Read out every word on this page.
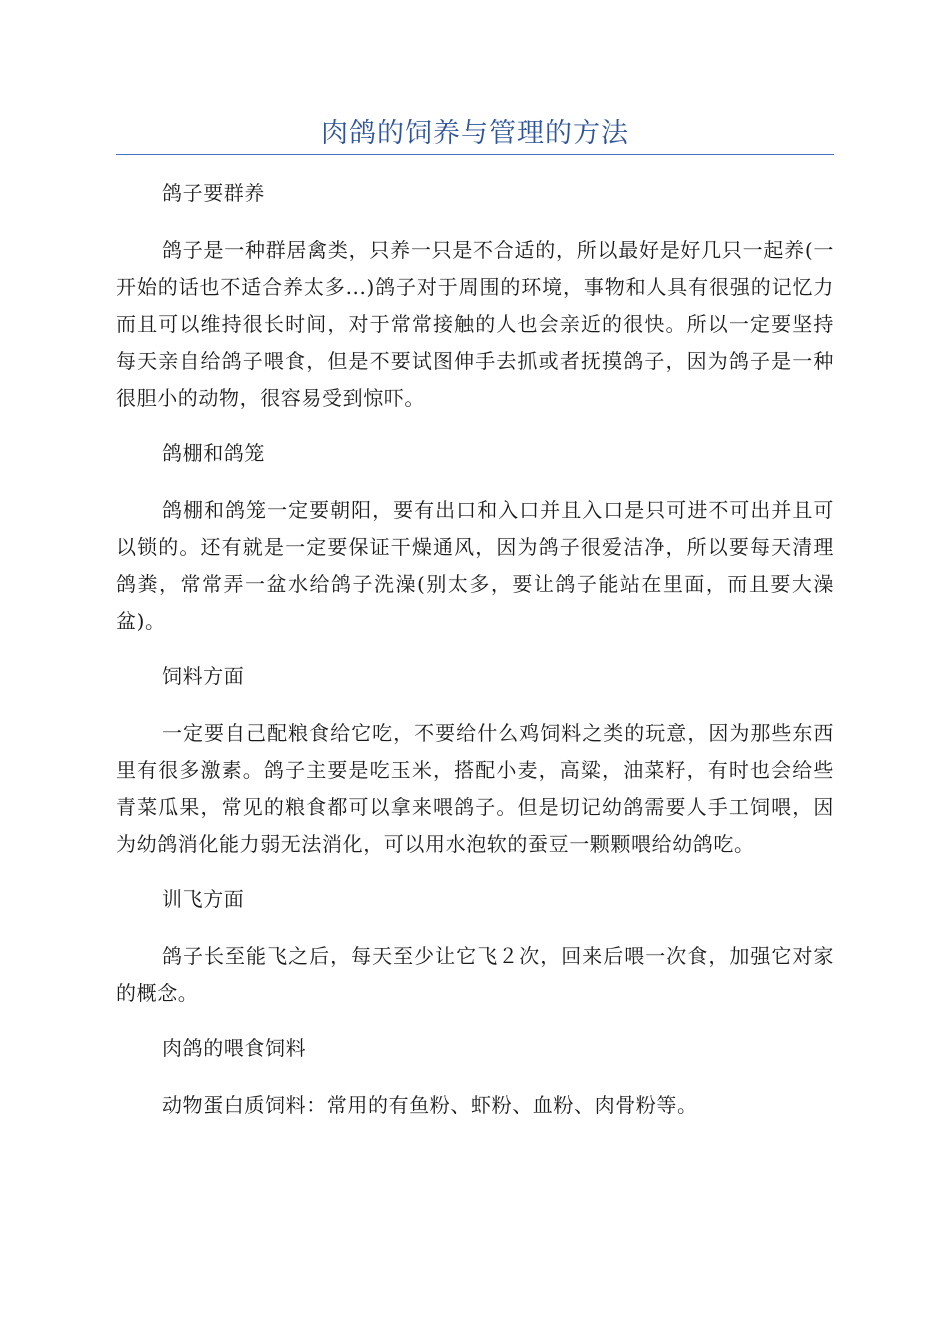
肉鸽的饲养与管理的方法

鸽子要群养

鸽子是一种群居禽类，只养一只是不合适的，所以最好是好几只一起养(一开始的话也不适合养太多...)鸽子对于周围的环境，事物和人具有很强的记忆力而且可以维持很长时间，对于常常接触的人也会亲近的很快。所以一定要坚持每天亲自给鸽子喂食，但是不要试图伸手去抓或者抚摸鸽子，因为鸽子是一种很胆小的动物，很容易受到惊吓。

鸽棚和鸽笼

鸽棚和鸽笼一定要朝阳，要有出口和入口并且入口是只可进不可出并且可以锁的。还有就是一定要保证干燥通风，因为鸽子很爱洁净，所以要每天清理鸽粪，常常弄一盆水给鸽子洗澡(别太多，要让鸽子能站在里面，而且要大澡盆)。

饲料方面

一定要自己配粮食给它吃，不要给什么鸡饲料之类的玩意，因为那些东西里有很多激素。鸽子主要是吃玉米，搭配小麦，高粱，油菜籽，有时也会给些青菜瓜果，常见的粮食都可以拿来喂鸽子。但是切记幼鸽需要人手工饲喂，因为幼鸽消化能力弱无法消化，可以用水泡软的蚕豆一颗颗喂给幼鸽吃。

训飞方面

鸽子长至能飞之后，每天至少让它飞２次，回来后喂一次食，加强它对家的概念。

肉鸽的喂食饲料

动物蛋白质饲料：常用的有鱼粉、虾粉、血粉、肉骨粉等。
